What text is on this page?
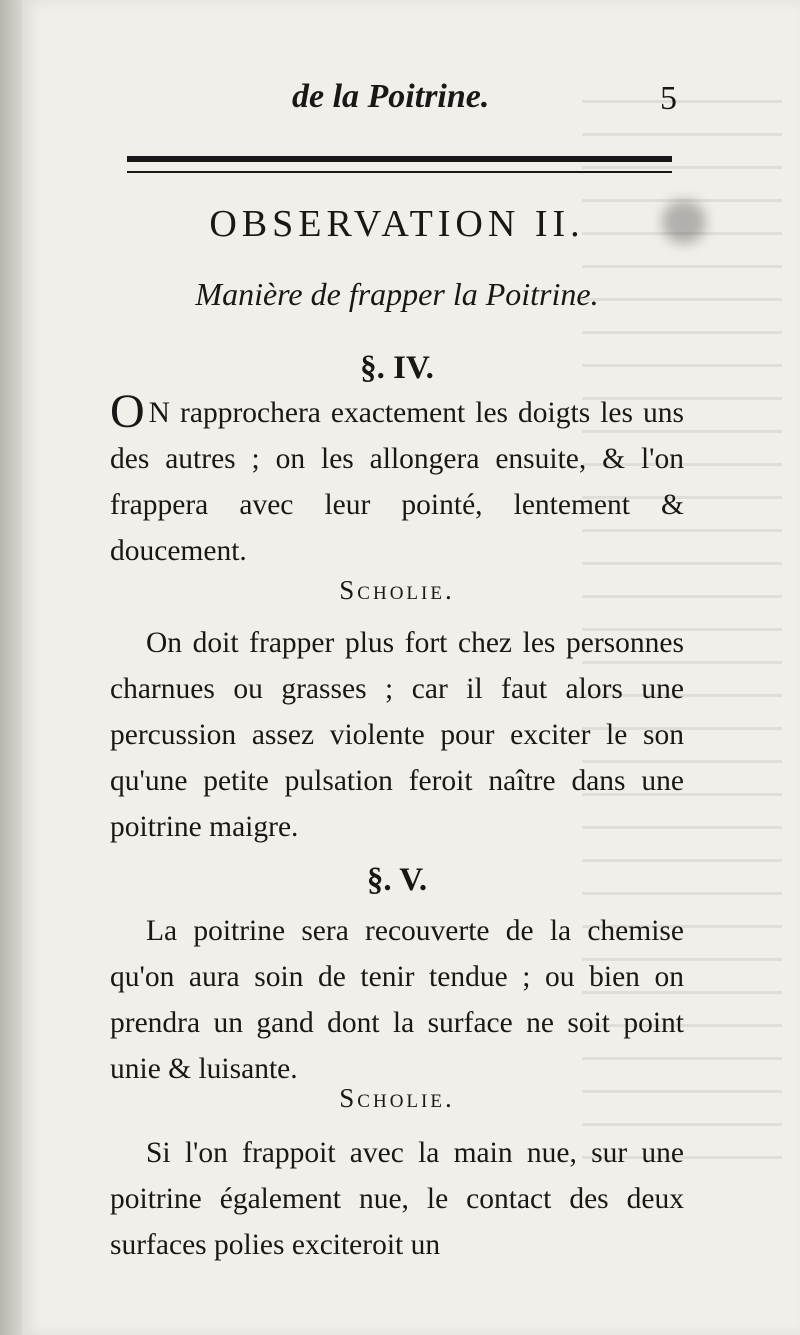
de la Poitrine.	5
OBSERVATION II.
Manière de frapper la Poitrine.
§. IV.
O N rapprochera exactement les doigts les uns des autres ; on les allongera ensuite, & l'on frappera avec leur pointé, lentement & doucement.
Scholie.
On doit frapper plus fort chez les personnes charnues ou grasses ; car il faut alors une percussion assez violente pour exciter le son qu'une petite pulsation feroit naître dans une poitrine maigre.
§. V.
La poitrine sera recouverte de la chemise qu'on aura soin de tenir tendue ; ou bien on prendra un gand dont la surface ne soit point unie & luisante.
Scholie.
Si l'on frappoit avec la main nue, sur une poitrine également nue, le contact des deux surfaces polies exciteroit un
